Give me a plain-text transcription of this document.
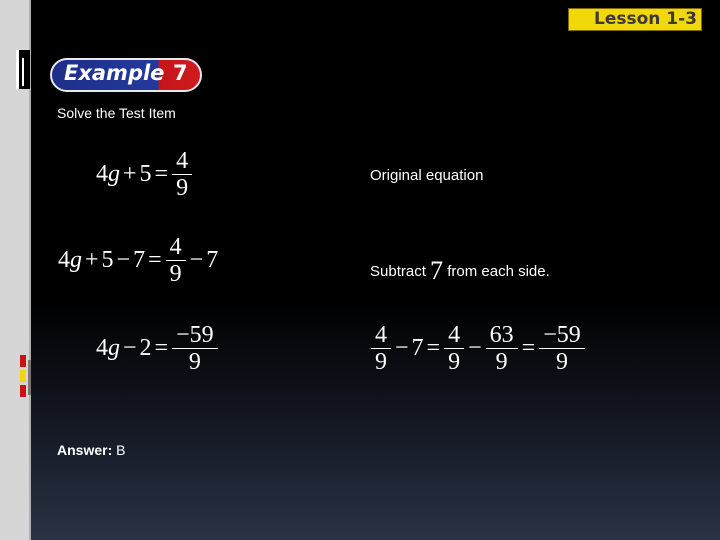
Lesson 1-3
Example 7
Solve the Test Item
4 $g + 5 = \frac{4}{9}$	Original equation
4 $g + 5 - 7 = \frac{4}{9} - 7$	Subtract 7 from each side.
4 $g - 2 = \frac{-59}{9}$	$\frac{4}{9} - 7 = \frac{4}{9} - \frac{63}{9} = \frac{-59}{9}$
Answer: B
